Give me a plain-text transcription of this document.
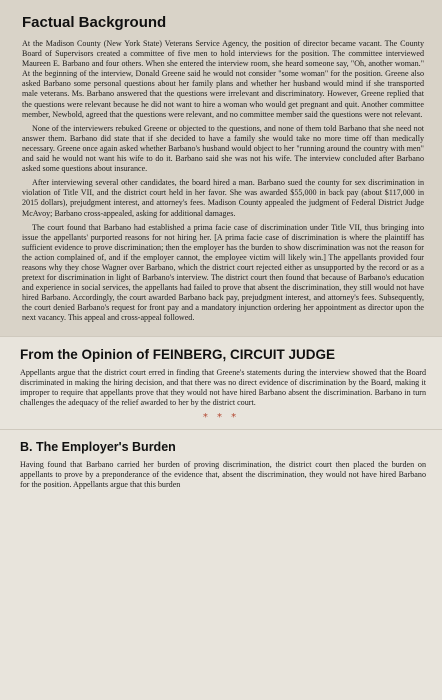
Factual Background

At the Madison County (New York State) Veterans Service Agency, the position of director became vacant. The County Board of Supervisors created a committee of five men to hold interviews for the position. The committee interviewed Maureen E. Barbano and four others. When she entered the interview room, she heard someone say, "Oh, another woman." At the beginning of the interview, Donald Greene said he would not consider "some woman" for the position. Greene also asked Barbano some personal questions about her family plans and whether her husband would mind if she transported male veterans. Ms. Barbano answered that the questions were irrelevant and discriminatory. However, Greene replied that the questions were relevant because he did not want to hire a woman who would get pregnant and quit. Another committee member, Newbold, agreed that the questions were relevant, and no committee member said the questions were not relevant.

None of the interviewers rebuked Greene or objected to the questions, and none of them told Barbano that she need not answer them. Barbano did state that if she decided to have a family she would take no more time off than medically necessary. Greene once again asked whether Barbano's husband would object to her "running around the country with men" and said he would not want his wife to do it. Barbano said she was not his wife. The interview concluded after Barbano asked some questions about insurance.

After interviewing several other candidates, the board hired a man. Barbano sued the county for sex discrimination in violation of Title VII, and the district court held in her favor. She was awarded $55,000 in back pay (about $117,000 in 2015 dollars), prejudgment interest, and attorney's fees. Madison County appealed the judgment of Federal District Judge McAvoy; Barbano cross-appealed, asking for additional damages.

The court found that Barbano had established a prima facie case of discrimination under Title VII, thus bringing into issue the appellants' purported reasons for not hiring her. [A prima facie case of discrimination is where the plaintiff has sufficient evidence to prove discrimination; then the employer has the burden to show discrimination was not the reason for the action complained of, and if the employer cannot, the employee victim will likely win.] The appellants provided four reasons why they chose Wagner over Barbano, which the district court rejected either as unsupported by the record or as a pretext for discrimination in light of Barbano's interview. The district court then found that because of Barbano's education and experience in social services, the appellants had failed to prove that absent the discrimination, they still would not have hired Barbano. Accordingly, the court awarded Barbano back pay, prejudgment interest, and attorney's fees. Subsequently, the court denied Barbano's request for front pay and a mandatory injunction ordering her appointment as director upon the next vacancy. This appeal and cross-appeal followed.

From the Opinion of FEINBERG, CIRCUIT JUDGE

Appellants argue that the district court erred in finding that Greene's statements during the interview showed that the Board discriminated in making the hiring decision, and that there was no direct evidence of discrimination by the Board, making it improper to require that appellants prove that they would not have hired Barbano absent the discrimination. Barbano in turn challenges the adequacy of the relief awarded to her by the district court.

* * *
B. The Employer's Burden

Having found that Barbano carried her burden of proving discrimination, the district court then placed the burden on appellants to prove by a preponderance of the evidence that, absent the discrimination, they would not have hired Barbano for the position. Appellants argue that this burden
